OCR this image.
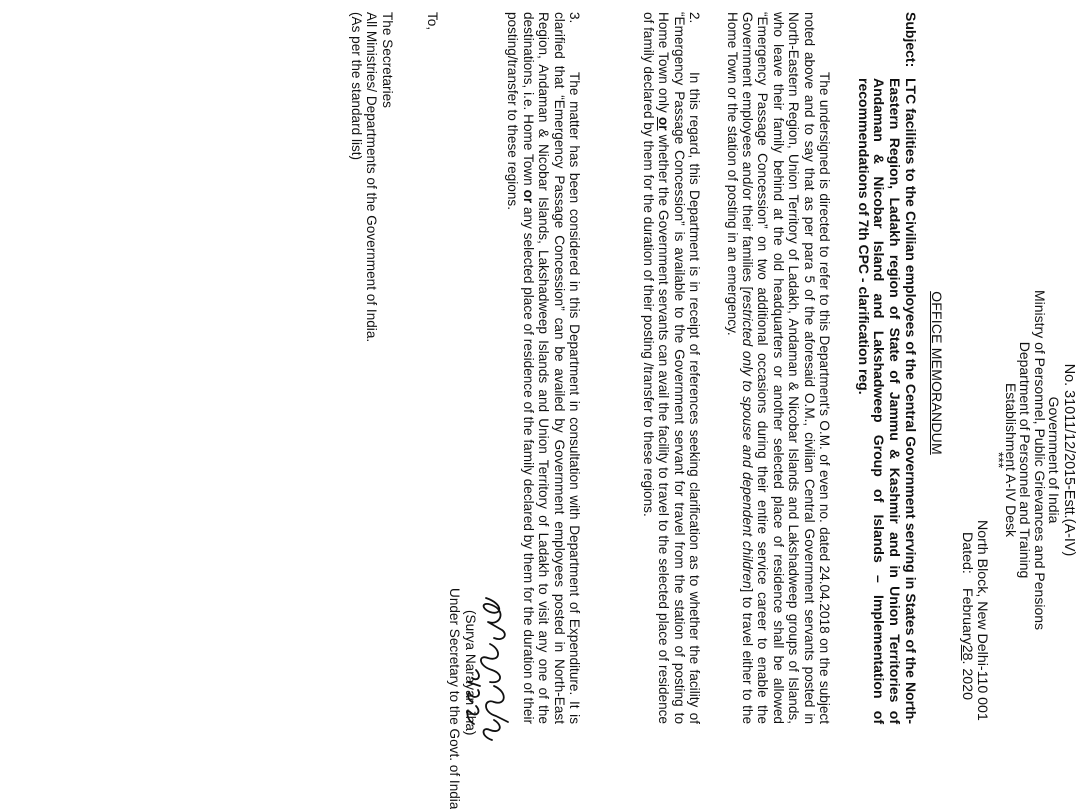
No. 31011/12/2015-Estt.(A-IV)
Government of India
Ministry of Personnel, Public Grievances and Pensions
Department of Personnel and Training
Establishment A-IV Desk
***
North Block, New Delhi-110 001
Dated: February28. 2020
OFFICE MEMORANDUM
Subject:
LTC facilities to the Civilian employees of the Central Government serving in States of the North-Eastern Region, Ladakh region of State of Jammu & Kashmir and in Union Territories of Andaman & Nicobar Island and Lakshadweep Group of Islands – Implementation of recommendations of 7th CPC - clarification reg.
The undersigned is directed to refer to this Department's O.M. of even no. dated 24.04.2018 on the subject noted above and to say that as per para 5 of the aforesaid O.M., civilian Central Government servants posted in North-Eastern Region, Union Territory of Ladakh, Andaman & Nicobar Islands and Lakshadweep groups of Islands, who leave their family behind at the old headquarters or another selected place of residence shall be allowed “Emergency Passage Concession” on two additional occasions during their entire service career to enable the Government employees and/or their families [restricted only to spouse and dependent children] to travel either to the Home Town or the station of posting in an emergency.
2.
In this regard, this Department is in receipt of references seeking clarification as to whether the facility of “Emergency Passage Concession” is available to the Government servant for travel from the station of posting to Home Town only or whether the Government servants can avail the facility to travel to the selected place of residence of family declared by them for the duration of their posting /transfer to these regions.
3.
The matter has been considered in this Department in consultation with Department of Expenditure. It is clarified that “Emergency Passage Concession” can be availed by Government employees posted in North-East Region, Andaman & Nicobar Islands, Lakshadweep Islands and Union Territory of Ladakh to visit any one of the destinations, i.e. Home Town or any selected place of residence of the family declared by them for the duration of their posting/transfer to these regions.
(Surya Narayan Jha)
Under Secretary to the Govt. of India
To,
The Secretaries
All Ministries/ Departments of the Government of India.
(As per the standard list)
